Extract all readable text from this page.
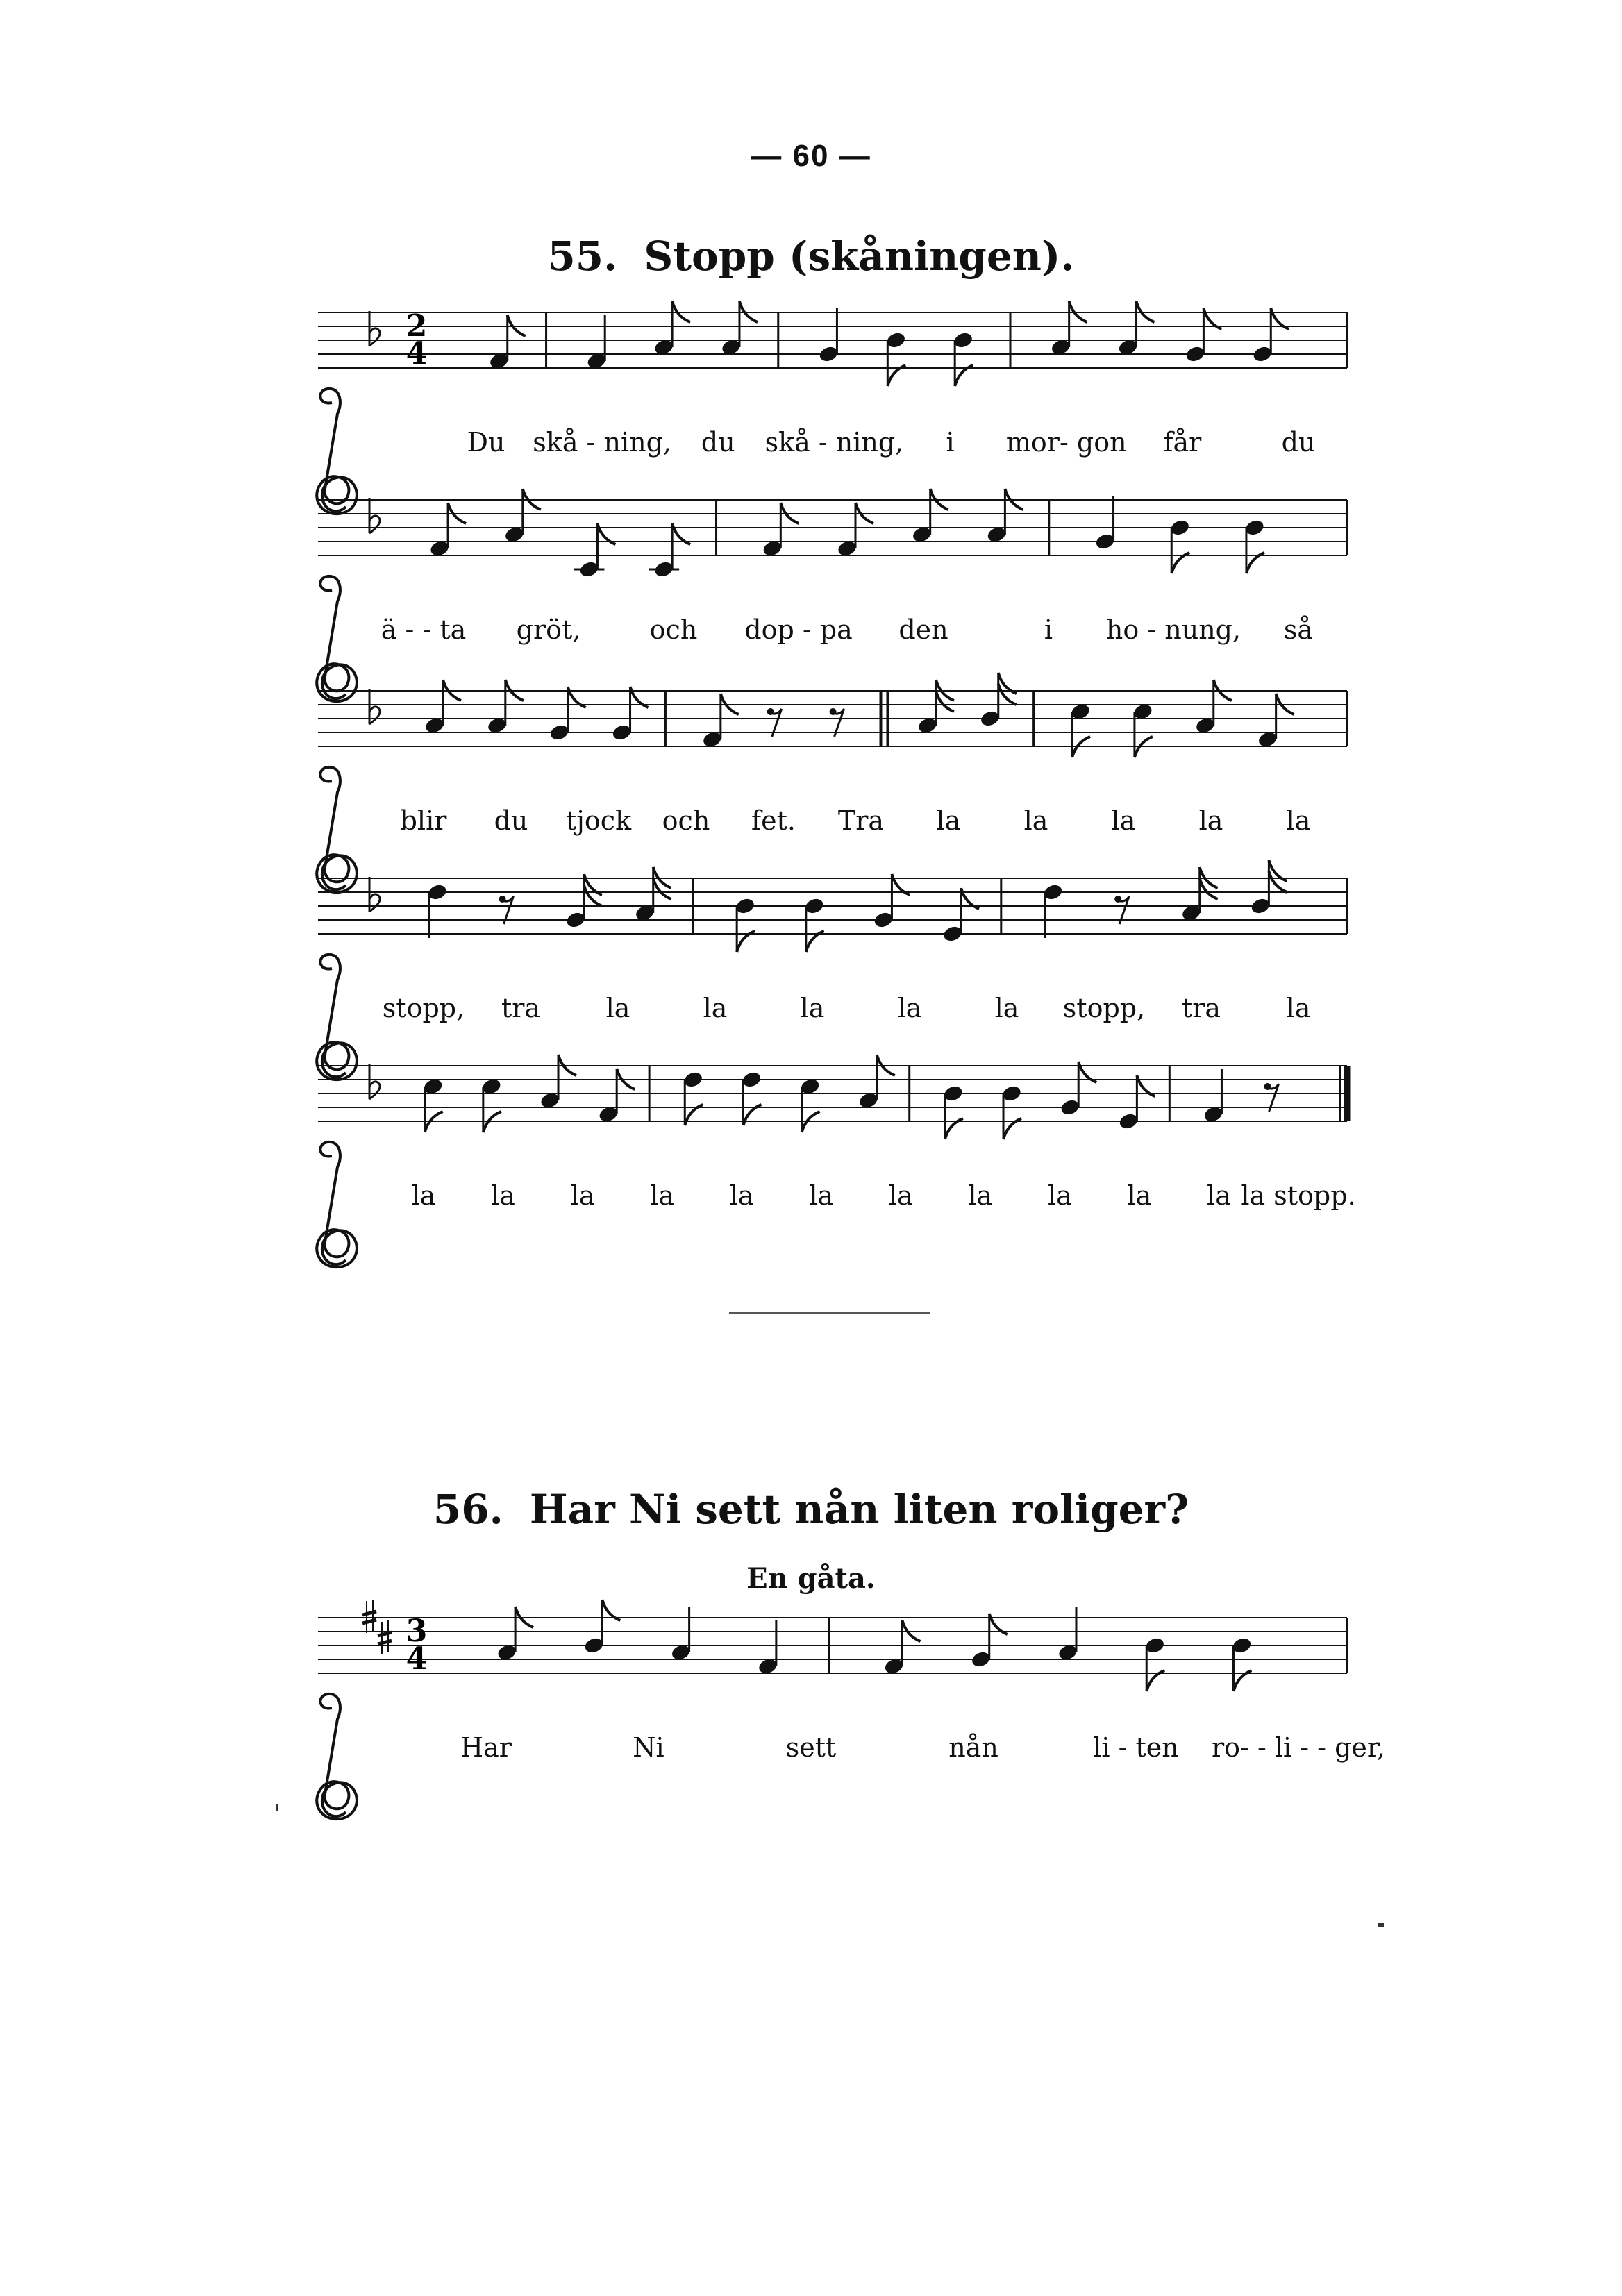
— 60 —
55. Stopp (skåningen).
2
4
Du skå - ning, du skå - ning, i mor- gon får	du
ä - - ta gröt,	och dop - pa den	i ho - nung, så
blir du tjock och fet. Tra la la la la la
stopp, tra la	la	la	la	la stopp, tra la
la la la la la la la la la la la la stopp.
56. Har Ni sett nån liten roliger?
En gåta.
3
4
Har	Ni	sett	nån	li - ten ro- - li - - ger,
